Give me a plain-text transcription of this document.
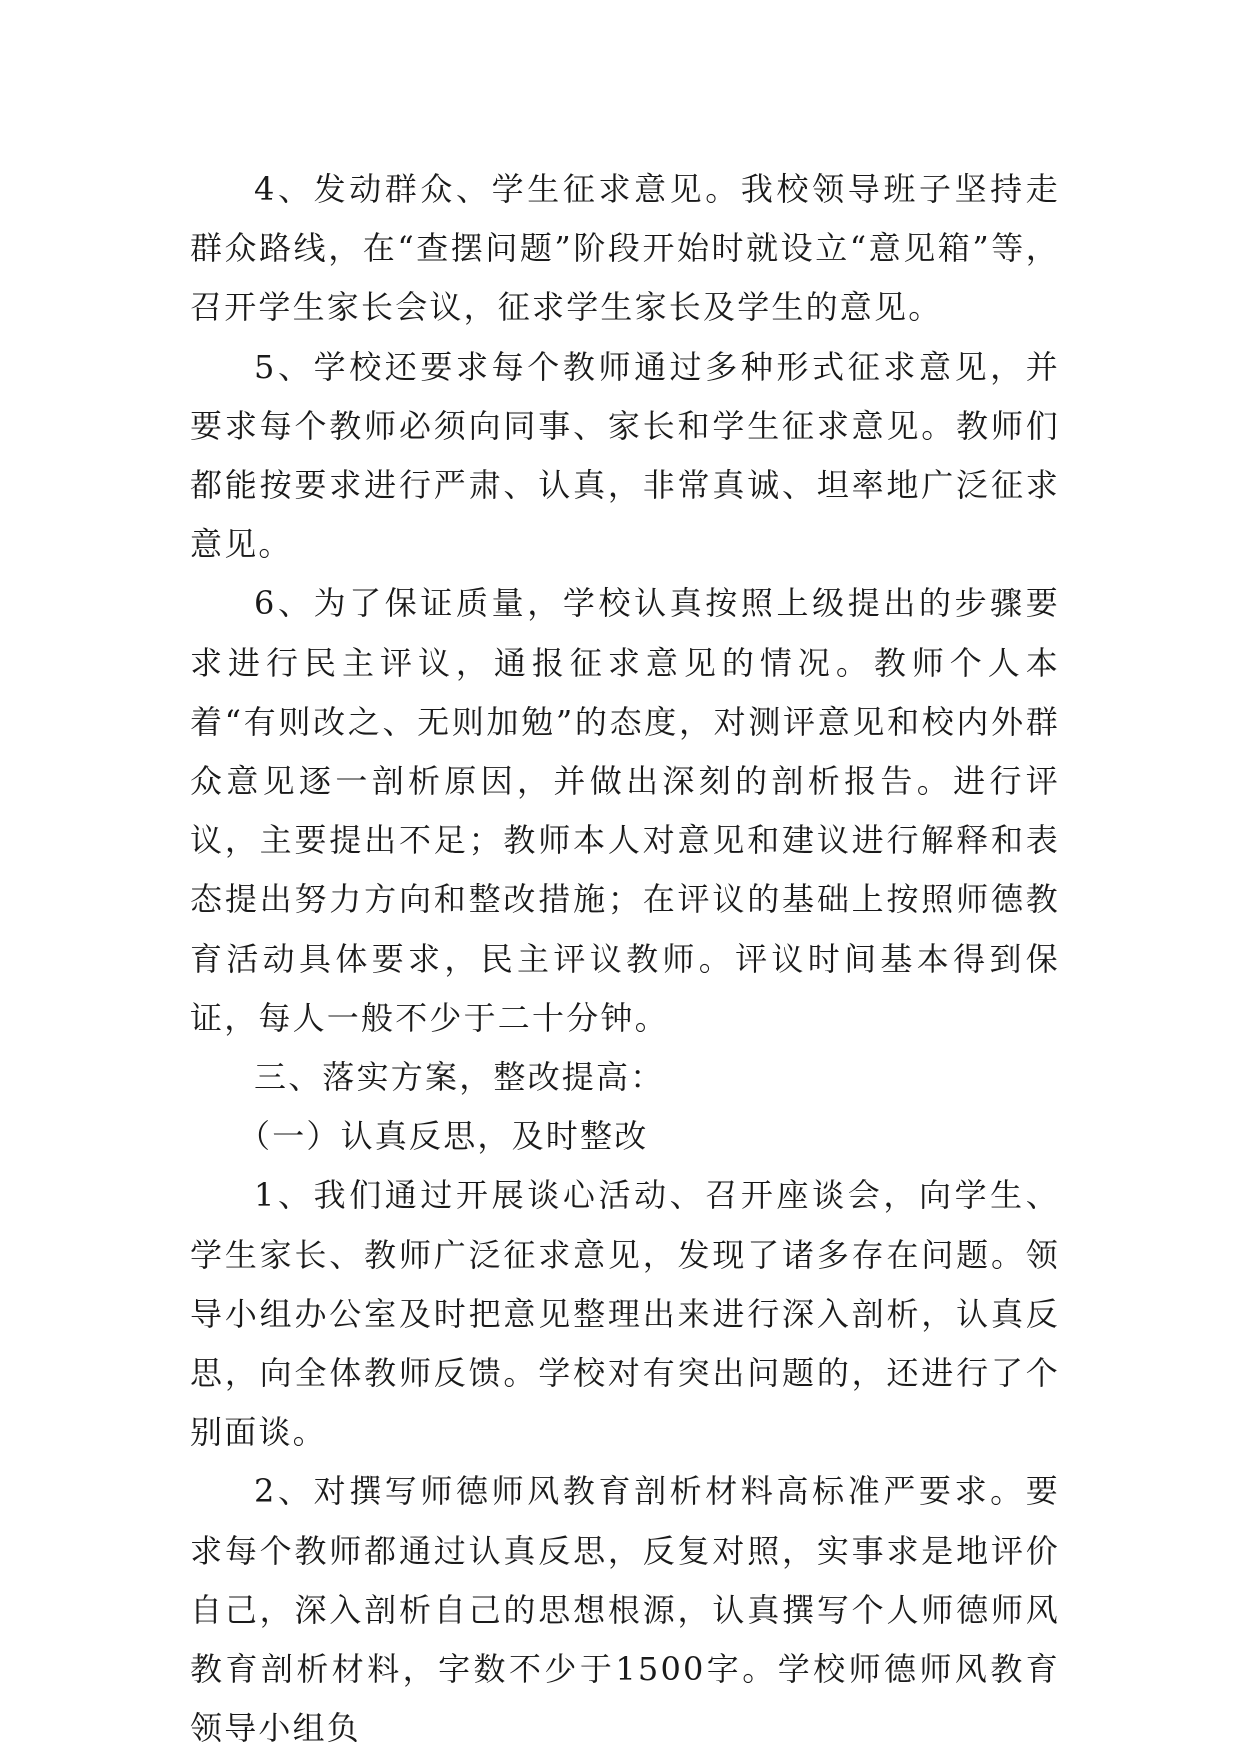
4、发动群众、学生征求意见。我校领导班子坚持走群众路线，在“查摆问题”阶段开始时就设立“意见箱”等，召开学生家长会议，征求学生家长及学生的意见。

5、学校还要求每个教师通过多种形式征求意见，并要求每个教师必须向同事、家长和学生征求意见。教师们都能按要求进行严肃、认真，非常真诚、坦率地广泛征求意见。

6、为了保证质量，学校认真按照上级提出的步骤要求进行民主评议，通报征求意见的情况。教师个人本着“有则改之、无则加勉”的态度，对测评意见和校内外群众意见逐一剖析原因，并做出深刻的剖析报告。进行评议，主要提出不足；教师本人对意见和建议进行解释和表态提出努力方向和整改措施；在评议的基础上按照师德教育活动具体要求，民主评议教师。评议时间基本得到保证，每人一般不少于二十分钟。

三、落实方案，整改提高：

（一）认真反思，及时整改

1、我们通过开展谈心活动、召开座谈会，向学生、学生家长、教师广泛征求意见，发现了诸多存在问题。领导小组办公室及时把意见整理出来进行深入剖析，认真反思，向全体教师反馈。学校对有突出问题的，还进行了个别面谈。

2、对撰写师德师风教育剖析材料高标准严要求。要求每个教师都通过认真反思，反复对照，实事求是地评价自己，深入剖析自己的思想根源，认真撰写个人师德师风教育剖析材料，字数不少于1500字。学校师德师风教育领导小组负
